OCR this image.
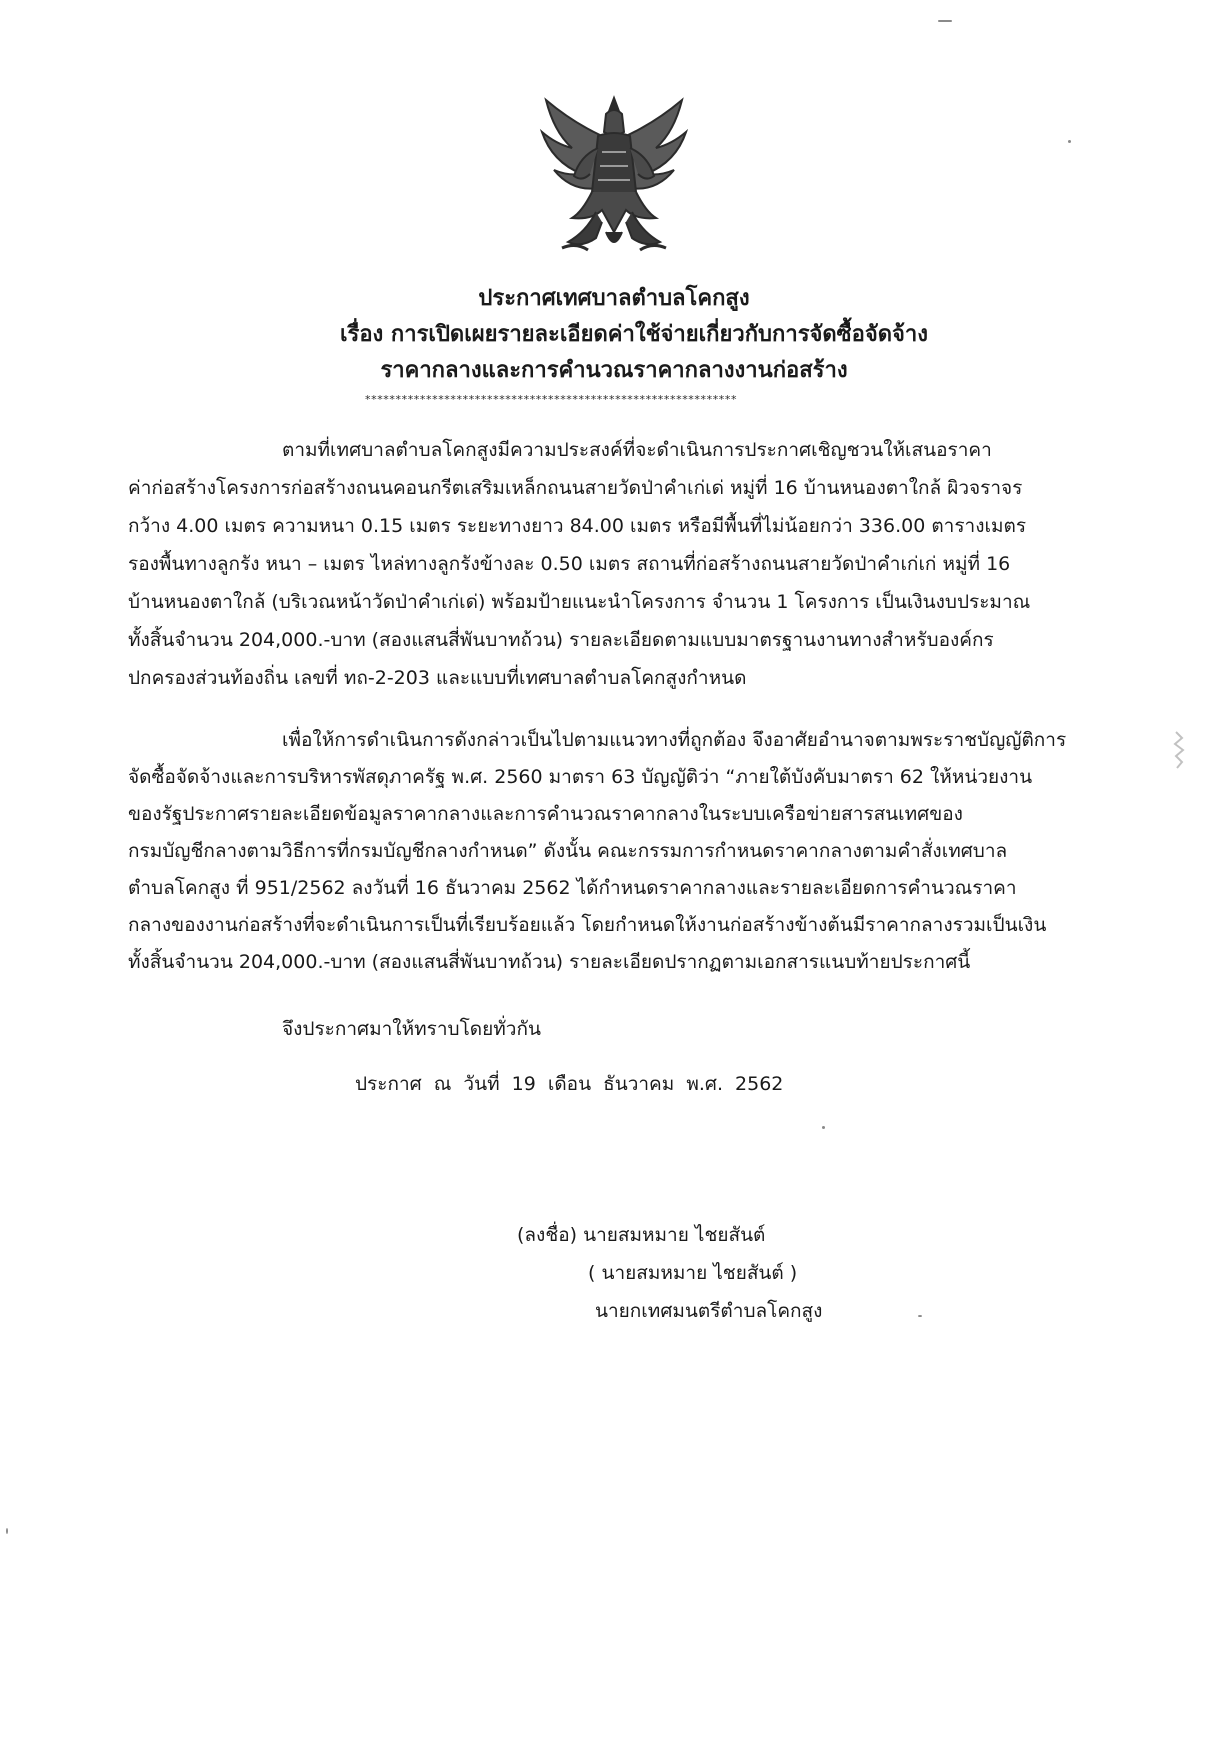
ประกาศเทศบาลตำบลโคกสูง
เรื่อง การเปิดเผยรายละเอียดค่าใช้จ่ายเกี่ยวกับการจัดซื้อจัดจ้าง
ราคากลางและการคำนวณราคากลางงานก่อสร้าง
*************************************************************
ตามที่เทศบาลตำบลโคกสูงมีความประสงค์ที่จะดำเนินการประกาศเชิญชวนให้เสนอราคา
ค่าก่อสร้างโครงการก่อสร้างถนนคอนกรีตเสริมเหล็กถนนสายวัดป่าคำเก่เด่ หมู่ที่ 16 บ้านหนองตาใกล้ ผิวจราจร
กว้าง 4.00 เมตร ความหนา 0.15 เมตร ระยะทางยาว 84.00 เมตร หรือมีพื้นที่ไม่น้อยกว่า 336.00 ตารางเมตร
รองพื้นทางลูกรัง หนา – เมตร ไหล่ทางลูกรังข้างละ 0.50 เมตร สถานที่ก่อสร้างถนนสายวัดป่าคำเก่เก่ หมู่ที่ 16
บ้านหนองตาใกล้ (บริเวณหน้าวัดป่าคำเก่เด่) พร้อมป้ายแนะนำโครงการ จำนวน 1 โครงการ เป็นเงินงบประมาณ
ทั้งสิ้นจำนวน 204,000.-บาท (สองแสนสี่พันบาทถ้วน) รายละเอียดตามแบบมาตรฐานงานทางสำหรับองค์กร
ปกครองส่วนท้องถิ่น เลขที่ ทถ-2-203 และแบบที่เทศบาลตำบลโคกสูงกำหนด
เพื่อให้การดำเนินการดังกล่าวเป็นไปตามแนวทางที่ถูกต้อง จึงอาศัยอำนาจตามพระราชบัญญัติการ
จัดซื้อจัดจ้างและการบริหารพัสดุภาครัฐ พ.ศ. 2560 มาตรา 63 บัญญัติว่า “ภายใต้บังคับมาตรา 62 ให้หน่วยงาน
ของรัฐประกาศรายละเอียดข้อมูลราคากลางและการคำนวณราคากลางในระบบเครือข่ายสารสนเทศของ
กรมบัญชีกลางตามวิธีการที่กรมบัญชีกลางกำหนด” ดังนั้น คณะกรรมการกำหนดราคากลางตามคำสั่งเทศบาล
ตำบลโคกสูง ที่ 951/2562 ลงวันที่ 16 ธันวาคม 2562 ได้กำหนดราคากลางและรายละเอียดการคำนวณราคา
กลางของงานก่อสร้างที่จะดำเนินการเป็นที่เรียบร้อยแล้ว โดยกำหนดให้งานก่อสร้างข้างต้นมีราคากลางรวมเป็นเงิน
ทั้งสิ้นจำนวน 204,000.-บาท (สองแสนสี่พันบาทถ้วน) รายละเอียดปรากฏตามเอกสารแนบท้ายประกาศนี้
จึงประกาศมาให้ทราบโดยทั่วกัน
ประกาศ ณ วันที่ 19 เดือน ธันวาคม พ.ศ. 2562
(ลงชื่อ) นายสมหมาย ไชยสันต์
( นายสมหมาย ไชยสันต์ )
นายกเทศมนตรีตำบลโคกสูง
